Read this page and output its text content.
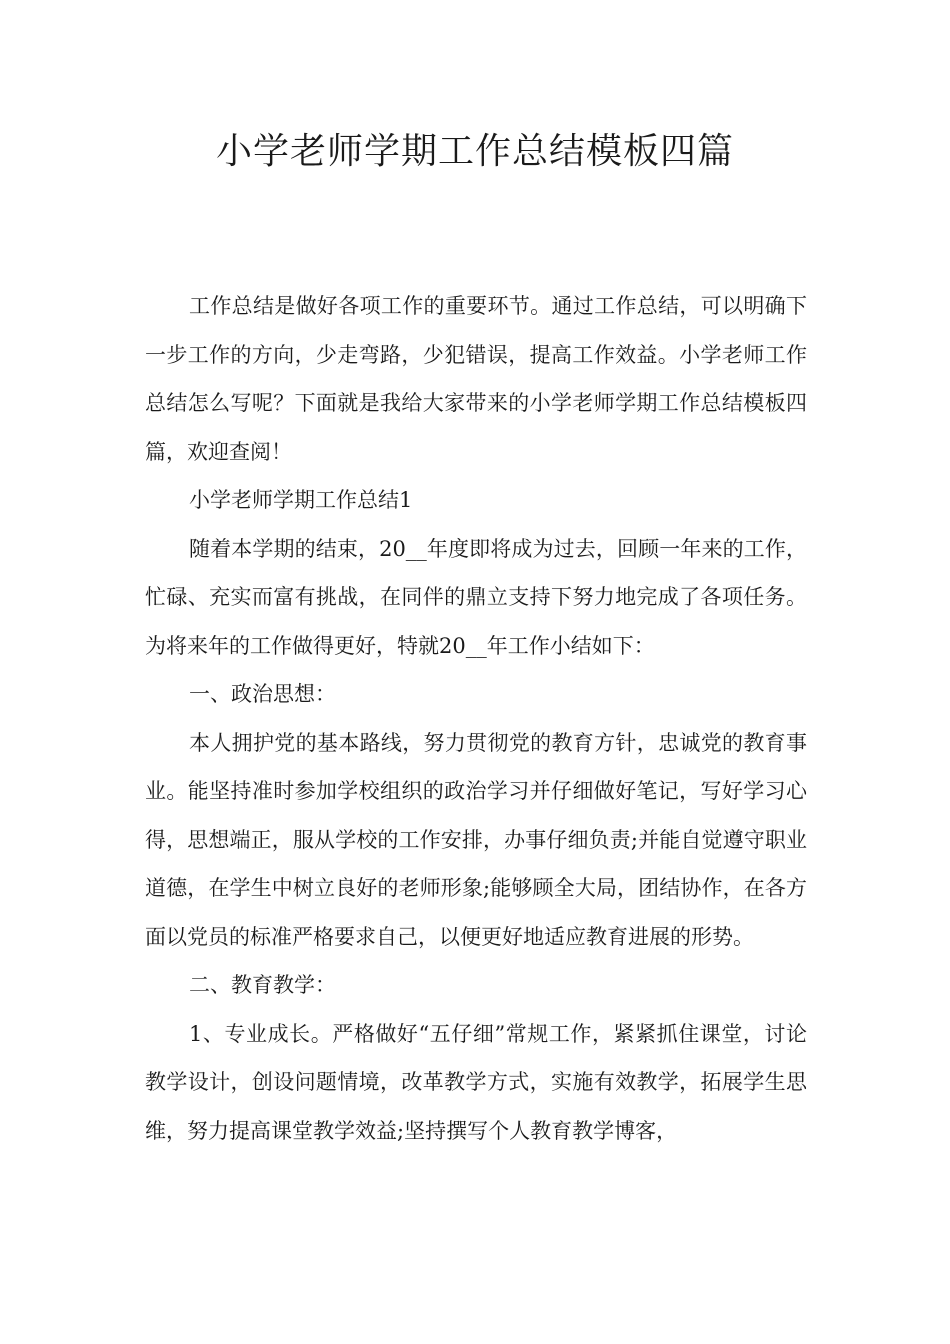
小学老师学期工作总结模板四篇

工作总结是做好各项工作的重要环节。通过工作总结，可以明确下一步工作的方向，少走弯路，少犯错误，提高工作效益。小学老师工作总结怎么写呢？下面就是我给大家带来的小学老师学期工作总结模板四篇，欢迎查阅！

小学老师学期工作总结1

随着本学期的结束，20__年度即将成为过去，回顾一年来的工作，忙碌、充实而富有挑战，在同伴的鼎立支持下努力地完成了各项任务。为将来年的工作做得更好，特就20__年工作小结如下：

一、政治思想：

本人拥护党的基本路线，努力贯彻党的教育方针，忠诚党的教育事业。能坚持准时参加学校组织的政治学习并仔细做好笔记，写好学习心得，思想端正，服从学校的工作安排，办事仔细负责;并能自觉遵守职业道德，在学生中树立良好的老师形象;能够顾全大局，团结协作，在各方面以党员的标准严格要求自己，以便更好地适应教育进展的形势。

二、教育教学：

1、专业成长。严格做好“五仔细”常规工作，紧紧抓住课堂，讨论教学设计，创设问题情境，改革教学方式，实施有效教学，拓展学生思维，努力提高课堂教学效益;坚持撰写个人教育教学博客，
